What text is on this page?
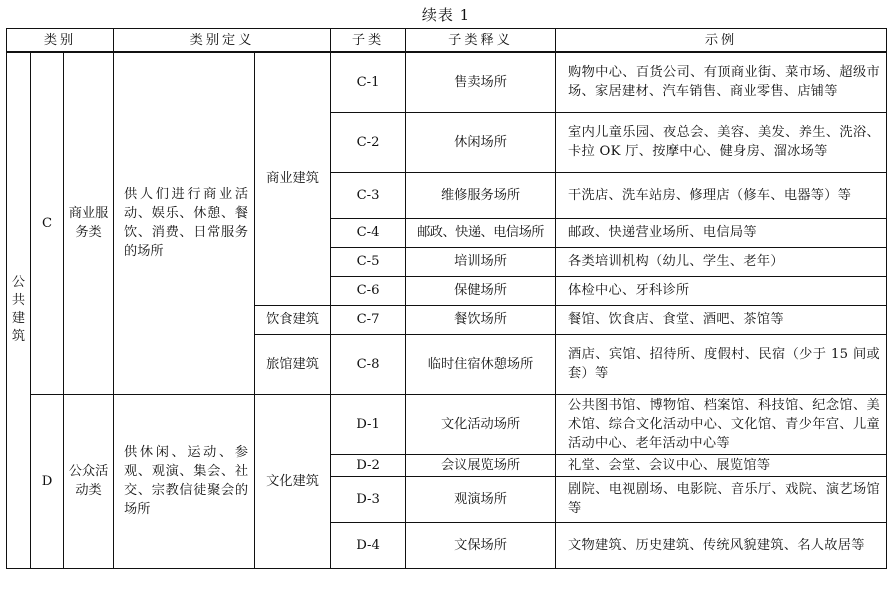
续表 1
类别			类别定义		子类	子类释义	示例
公共建筑	C	商业服务类	供人们进行商业活动、娱乐、休憩、餐饮、消费、日常服务的场所	商业建筑	C-1	售卖场所	购物中心、百货公司、有顶商业街、菜市场、超级市场、家居建材、汽车销售、商业零售、店铺等
					C-2	休闲场所	室内儿童乐园、夜总会、美容、美发、养生、洗浴、卡拉 OK 厅、按摩中心、健身房、溜冰场等
					C-3	维修服务场所	干洗店、洗车站房、修理店（修车、电器等）等
					C-4	邮政、快递、电信场所	邮政、快递营业场所、电信局等
					C-5	培训场所	各类培训机构（幼儿、学生、老年）
					C-6	保健场所	体检中心、牙科诊所
				饮食建筑	C-7	餐饮场所	餐馆、饮食店、食堂、酒吧、茶馆等
				旅馆建筑	C-8	临时住宿休憩场所	酒店、宾馆、招待所、度假村、民宿（少于 15 间或套）等
	D	公众活动类	供休闲、运动、参观、观演、集会、社交、宗教信徒聚会的场所	文化建筑	D-1	文化活动场所	公共图书馆、博物馆、档案馆、科技馆、纪念馆、美术馆、综合文化活动中心、文化馆、青少年宫、儿童活动中心、老年活动中心等
					D-2	会议展览场所	礼堂、会堂、会议中心、展览馆等
					D-3	观演场所	剧院、电视剧场、电影院、音乐厅、戏院、演艺场馆等
					D-4	文保场所	文物建筑、历史建筑、传统风貌建筑、名人故居等
